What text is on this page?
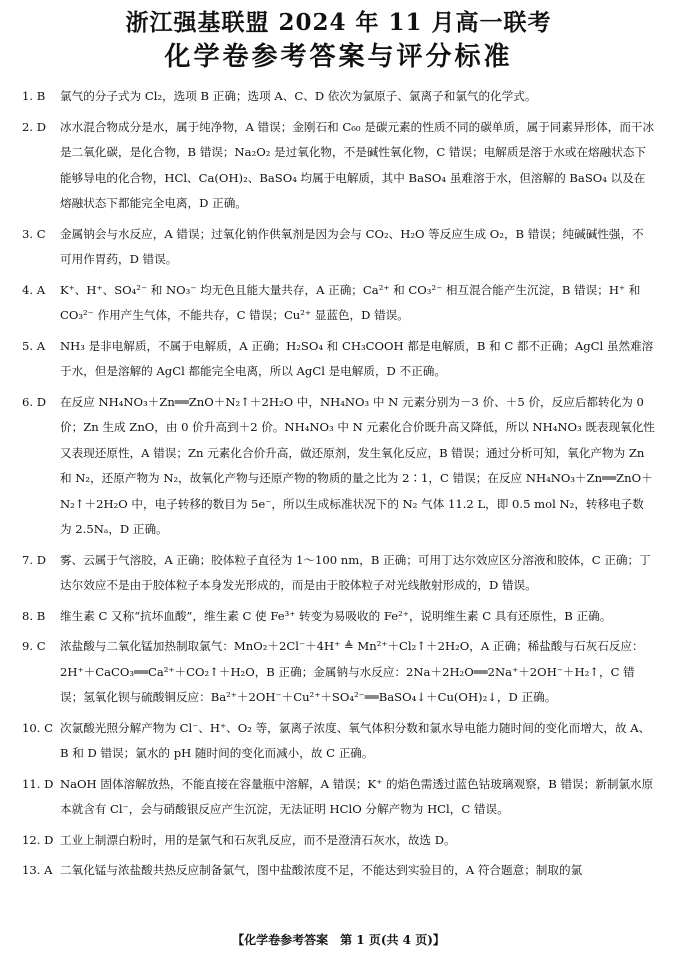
浙江强基联盟 2024 年 11 月高一联考
化学卷参考答案与评分标准
1. B	氯气的分子式为 Cl₂，选项 B 正确；选项 A、C、D 依次为氯原子、氯离子和氯气的化学式。
2. D	冰水混合物成分是水，属于纯净物，A 错误；金刚石和 C₆₀ 是碳元素的性质不同的碳单质，属于同素异形体，而干冰是二氧化碳，是化合物，B 错误；Na₂O₂ 是过氧化物，不是碱性氧化物，C 错误；电解质是溶于水或在熔融状态下能够导电的化合物，HCl、Ca(OH)₂、BaSO₄ 均属于电解质，其中 BaSO₄ 虽难溶于水，但溶解的 BaSO₄ 以及在熔融状态下都能完全电离，D 正确。
3. C	金属钠会与水反应，A 错误；过氧化钠作供氧剂是因为会与 CO₂、H₂O 等反应生成 O₂，B 错误；纯碱碱性强，不可用作胃药，D 错误。
4. A	K⁺、H⁺、SO₄²⁻ 和 NO₃⁻ 均无色且能大量共存，A 正确；Ca²⁺ 和 CO₃²⁻ 相互混合能产生沉淀，B 错误；H⁺ 和 CO₃²⁻ 作用产生气体，不能共存，C 错误；Cu²⁺ 显蓝色，D 错误。
5. A	NH₃ 是非电解质，不属于电解质，A 正确；H₂SO₄ 和 CH₃COOH 都是电解质，B 和 C 都不正确；AgCl 虽然难溶于水，但是溶解的 AgCl 都能完全电离，所以 AgCl 是电解质，D 不正确。
6. D	在反应 NH₄NO₃＋Zn══ZnO＋N₂↑＋2H₂O 中，NH₄NO₃ 中 N 元素分别为－3 价、＋5 价，反应后都转化为 0 价；Zn 生成 ZnO，由 0 价升高到＋2 价。NH₄NO₃ 中 N 元素化合价既升高又降低，所以 NH₄NO₃ 既表现氧化性又表现还原性，A 错误；Zn 元素化合价升高，做还原剂，发生氧化反应，B 错误；通过分析可知，氧化产物为 Zn 和 N₂，还原产物为 N₂，故氧化产物与还原产物的物质的量之比为 2∶1，C 错误；在反应 NH₄NO₃＋Zn══ZnO＋N₂↑＋2H₂O 中，电子转移的数目为 5e⁻，所以生成标准状况下的 N₂ 气体 11.2 L，即 0.5 mol N₂，转移电子数为 2.5Nₐ，D 正确。
7. D	雾、云属于气溶胶，A 正确；胶体粒子直径为 1～100 nm，B 正确；可用丁达尔效应区分溶液和胶体，C 正确；丁达尔效应不是由于胶体粒子本身发光形成的，而是由于胶体粒子对光线散射形成的，D 错误。
8. B	维生素 C 又称“抗坏血酸”，维生素 C 使 Fe³⁺ 转变为易吸收的 Fe²⁺，说明维生素 C 具有还原性，B 正确。
9. C	浓盐酸与二氧化锰加热制取氯气：MnO₂＋2Cl⁻＋4H⁺ ≜ Mn²⁺＋Cl₂↑＋2H₂O，A 正确；稀盐酸与石灰石反应：2H⁺＋CaCO₃══Ca²⁺＋CO₂↑＋H₂O，B 正确；金属钠与水反应：2Na＋2H₂O══2Na⁺＋2OH⁻＋H₂↑，C 错误；氢氧化钡与硫酸铜反应：Ba²⁺＋2OH⁻＋Cu²⁺＋SO₄²⁻══BaSO₄↓＋Cu(OH)₂↓，D 正确。
10. C 次氯酸光照分解产物为 Cl⁻、H⁺、O₂ 等，氯离子浓度、氧气体积分数和氯水导电能力随时间的变化而增大，故 A、B 和 D 错误；氯水的 pH 随时间的变化而减小，故 C 正确。
11. D NaOH 固体溶解放热，不能直接在容量瓶中溶解，A 错误；K⁺ 的焰色需透过蓝色钴玻璃观察，B 错误；新制氯水原本就含有 Cl⁻，会与硝酸银反应产生沉淀，无法证明 HClO 分解产物为 HCl，C 错误。
12. D 工业上制漂白粉时，用的是氯气和石灰乳反应，而不是澄清石灰水，故选 D。
13. A 二氧化锰与浓盐酸共热反应制备氯气，图中盐酸浓度不足，不能达到实验目的，A 符合题意；制取的氯
【化学卷参考答案　第 1 页(共 4 页)】
